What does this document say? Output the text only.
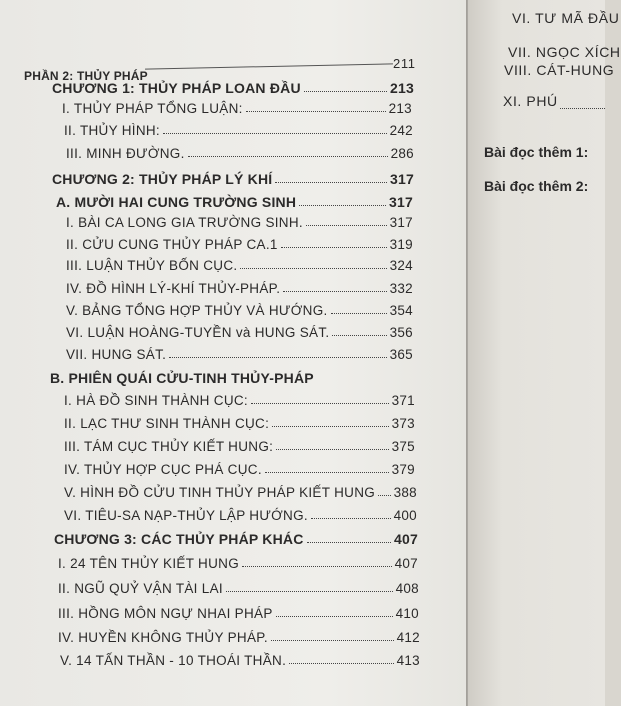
211
PHẦN 2: THỦY PHÁP
CHƯƠNG 1: THỦY PHÁP LOAN ĐẦU	213
I. THỦY PHÁP TỔNG LUẬN:	213
II. THỦY HÌNH:	242
III. MINH ĐƯỜNG.	286
CHƯƠNG 2: THỦY PHÁP LÝ KHÍ	317
A. MƯỜI HAI CUNG TRƯỜNG SINH	317
I. BÀI CA LONG GIA TRƯỜNG SINH.	317
II. CỬU CUNG THỦY PHÁP CA.1	319
III. LUẬN THỦY BỐN CỤC.	324
IV. ĐỒ HÌNH LÝ-KHÍ THỦY-PHÁP.	332
V. BẢNG TỔNG HỢP THỦY VÀ HƯỚNG.	354
VI. LUẬN HOÀNG-TUYỀN và HUNG SÁT.	356
VII. HUNG SÁT.	365
B. PHIÊN QUÁI CỬU-TINH THỦY-PHÁP
I. HÀ ĐỒ SINH THÀNH CỤC:	371
II. LẠC THƯ SINH THÀNH CỤC:	373
III. TÁM CỤC THỦY KIẾT HUNG:	375
IV. THỦY HỢP CỤC PHÁ CỤC.	379
V. HÌNH ĐỒ CỬU TINH THỦY PHÁP KIẾT HUNG 388
VI. TIÊU-SA NẠP-THỦY LẬP HƯỚNG.	400
CHƯƠNG 3: CÁC THỦY PHÁP KHÁC	407
I. 24 TÊN THỦY KIẾT HUNG	407
II. NGŨ QUỶ VẬN TÀI LAI	408
III. HỒNG MÔN NGỰ NHAI PHÁP	410
IV. HUYỀN KHÔNG THỦY PHÁP.	412
V. 14 TẤN THẦN - 10 THOÁI THẦN.	413
VI. TƯ MÃ ĐẦU
VII. NGỌC XÍCH
VIII. CÁT-HUNG
XI. PHÚ
Bài đọc thêm 1:
Bài đọc thêm 2:
